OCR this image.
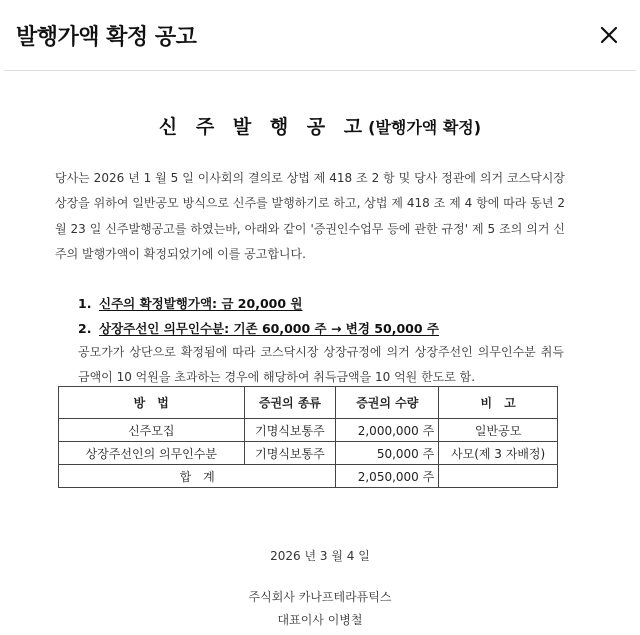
발행가액 확정 공고
신 주 발 행 공 고(발행가액 확정)
당사는 2026 년 1 월 5 일 이사회의 결의로 상법 제 418 조 2 항 및 당사 정관에 의거 코스닥시장 상장을 위하여 일반공모 방식으로 신주를 발행하기로 하고, 상법 제 418 조 제 4 항에 따라 동년 2 월 23 일 신주발행공고를 하였는바, 아래와 같이 '증권인수업무 등에 관한 규정' 제 5 조의 의거 신주의 발행가액이 확정되었기에 이를 공고합니다.
1. 신주의 확정발행가액: 금 20,000 원
2. 상장주선인 의무인수분: 기존 60,000 주 → 변경 50,000 주
공모가가 상단으로 확정됨에 따라 코스닥시장 상장규정에 의거 상장주선인 의무인수분 취득금액이 10 억원을 초과하는 경우에 해당하여 취득금액을 10 억원 한도로 함.
방　법	증권의 종류	증권의 수량	비　고
신주모집	기명식보통주	2,000,000 주	일반공모
상장주선인의 의무인수분	기명식보통주	50,000 주	사모(제 3 자배정)
합　계		2,050,000 주	
2026 년 3 월 4 일
주식회사 카나프테라퓨틱스
대표이사 이병철
